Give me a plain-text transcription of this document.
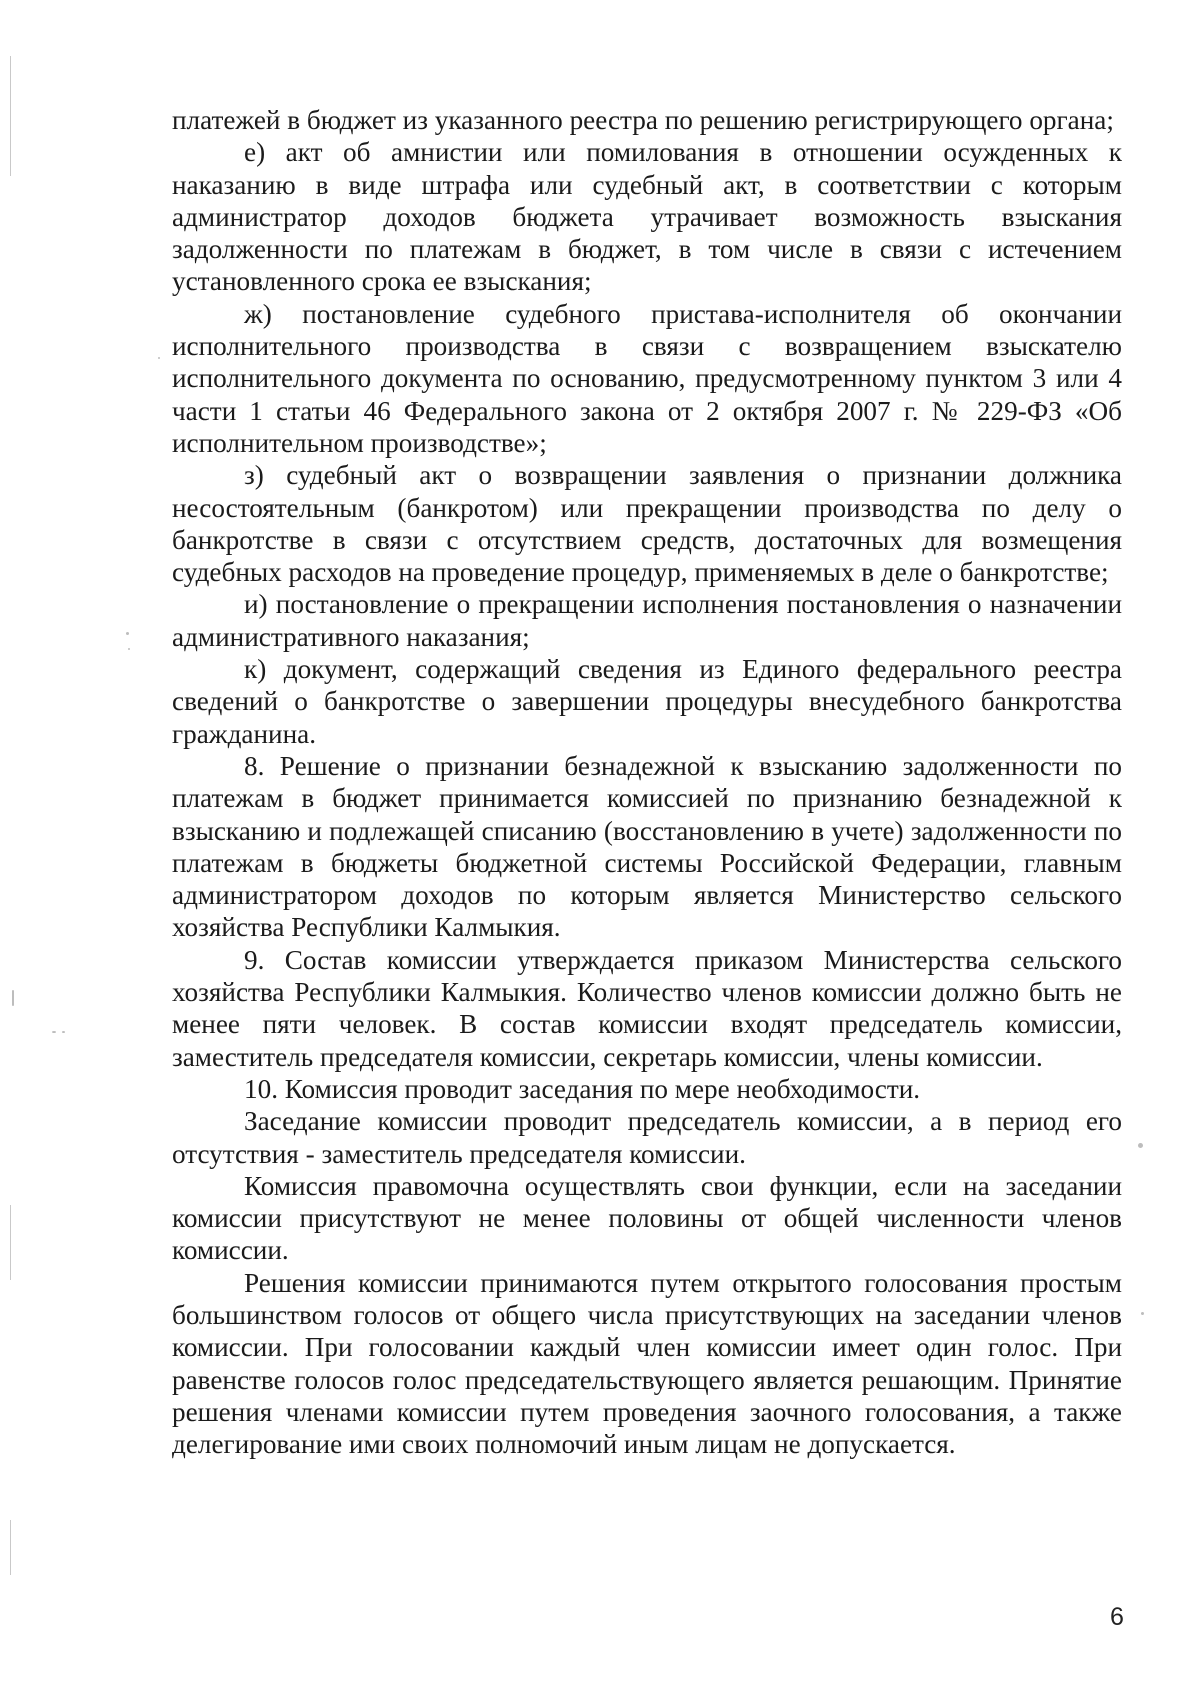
платежей в бюджет из указанного реестра по решению регистрирующего органа;

е) акт об амнистии или помилования в отношении осужденных к наказанию в виде штрафа или судебный акт, в соответствии с которым администратор доходов бюджета утрачивает возможность взыскания задолженности по платежам в бюджет, в том числе в связи с истечением установленного срока ее взыскания;

ж) постановление судебного пристава-исполнителя об окончании исполнительного производства в связи с возвращением взыскателю исполнительного документа по основанию, предусмотренному пунктом 3 или 4 части 1 статьи 46 Федерального закона от 2 октября 2007 г. № 229-ФЗ «Об исполнительном производстве»;

з) судебный акт о возвращении заявления о признании должника несостоятельным (банкротом) или прекращении производства по делу о банкротстве в связи с отсутствием средств, достаточных для возмещения судебных расходов на проведение процедур, применяемых в деле о банкротстве;

и) постановление о прекращении исполнения постановления о назначении административного наказания;

к) документ, содержащий сведения из Единого федерального реестра сведений о банкротстве о завершении процедуры внесудебного банкротства гражданина.

8. Решение о признании безнадежной к взысканию задолженности по платежам в бюджет принимается комиссией по признанию безнадежной к взысканию и подлежащей списанию (восстановлению в учете) задолженности по платежам в бюджеты бюджетной системы Российской Федерации, главным администратором доходов по которым является Министерство сельского хозяйства Республики Калмыкия.

9. Состав комиссии утверждается приказом Министерства сельского хозяйства Республики Калмыкия. Количество членов комиссии должно быть не менее пяти человек. В состав комиссии входят председатель комиссии, заместитель председателя комиссии, секретарь комиссии, члены комиссии.

10. Комиссия проводит заседания по мере необходимости.

Заседание комиссии проводит председатель комиссии, а в период его отсутствия - заместитель председателя комиссии.

Комиссия правомочна осуществлять свои функции, если на заседании комиссии присутствуют не менее половины от общей численности членов комиссии.

Решения комиссии принимаются путем открытого голосования простым большинством голосов от общего числа присутствующих на заседании членов комиссии. При голосовании каждый член комиссии имеет один голос. При равенстве голосов голос председательствующего является решающим. Принятие решения членами комиссии путем проведения заочного голосования, а также делегирование ими своих полномочий иным лицам не допускается.

6
